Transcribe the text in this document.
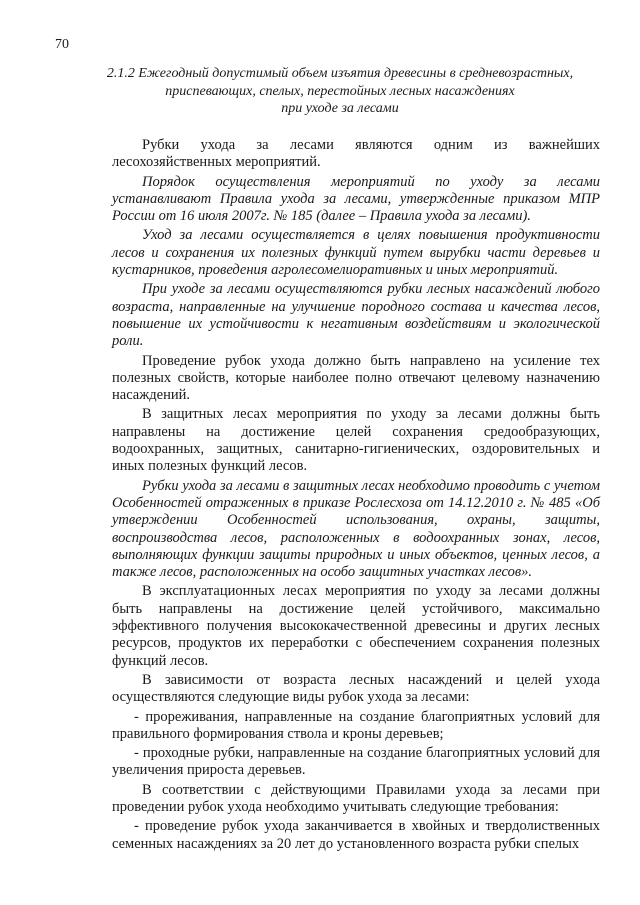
70
2.1.2 Ежегодный допустимый объем изъятия древесины в средневозрастных,
приспевающих, спелых, перестойных лесных насаждениях
при уходе за лесами

Рубки ухода за лесами являются одним из важнейших лесохозяйственных мероприятий.

Порядок осуществления мероприятий по уходу за лесами устанавливают Правила ухода за лесами, утвержденные приказом МПР России от 16 июля 2007г. № 185 (далее – Правила ухода за лесами).

Уход за лесами осуществляется в целях повышения продуктивности лесов и сохранения их полезных функций путем вырубки части деревьев и кустарников, проведения агролесомелиоративных и иных мероприятий.

При уходе за лесами осуществляются рубки лесных насаждений любого возраста, направленные на улучшение породного состава и качества лесов, повышение их устойчивости к негативным воздействиям и экологической роли.

Проведение рубок ухода должно быть направлено на усиление тех полезных свойств, которые наиболее полно отвечают целевому назначению насаждений.

В защитных лесах мероприятия по уходу за лесами должны быть направлены на достижение целей сохранения средообразующих, водоохранных, защитных, санитарно-гигиенических, оздоровительных и иных полезных функций лесов.

Рубки ухода за лесами в защитных лесах необходимо проводить с учетом Особенностей отраженных в приказе Рослесхоза от 14.12.2010 г. № 485 «Об утверждении Особенностей использования, охраны, защиты, воспроизводства лесов, расположенных в водоохранных зонах, лесов, выполняющих функции защиты природных и иных объектов, ценных лесов, а также лесов, расположенных на особо защитных участках лесов».

В эксплуатационных лесах мероприятия по уходу за лесами должны быть направлены на достижение целей устойчивого, максимально эффективного получения высококачественной древесины и других лесных ресурсов, продуктов их переработки с обеспечением сохранения полезных функций лесов.

В зависимости от возраста лесных насаждений и целей ухода осуществляются следующие виды рубок ухода за лесами:

- прореживания, направленные на создание благоприятных условий для правильного формирования ствола и кроны деревьев;

- проходные рубки, направленные на создание благоприятных условий для увеличения прироста деревьев.

В соответствии с действующими Правилами ухода за лесами при проведении рубок ухода необходимо учитывать следующие требования:

- проведение рубок ухода заканчивается в хвойных и твердолиственных семенных насаждениях за 20 лет до установленного возраста рубки спелых
